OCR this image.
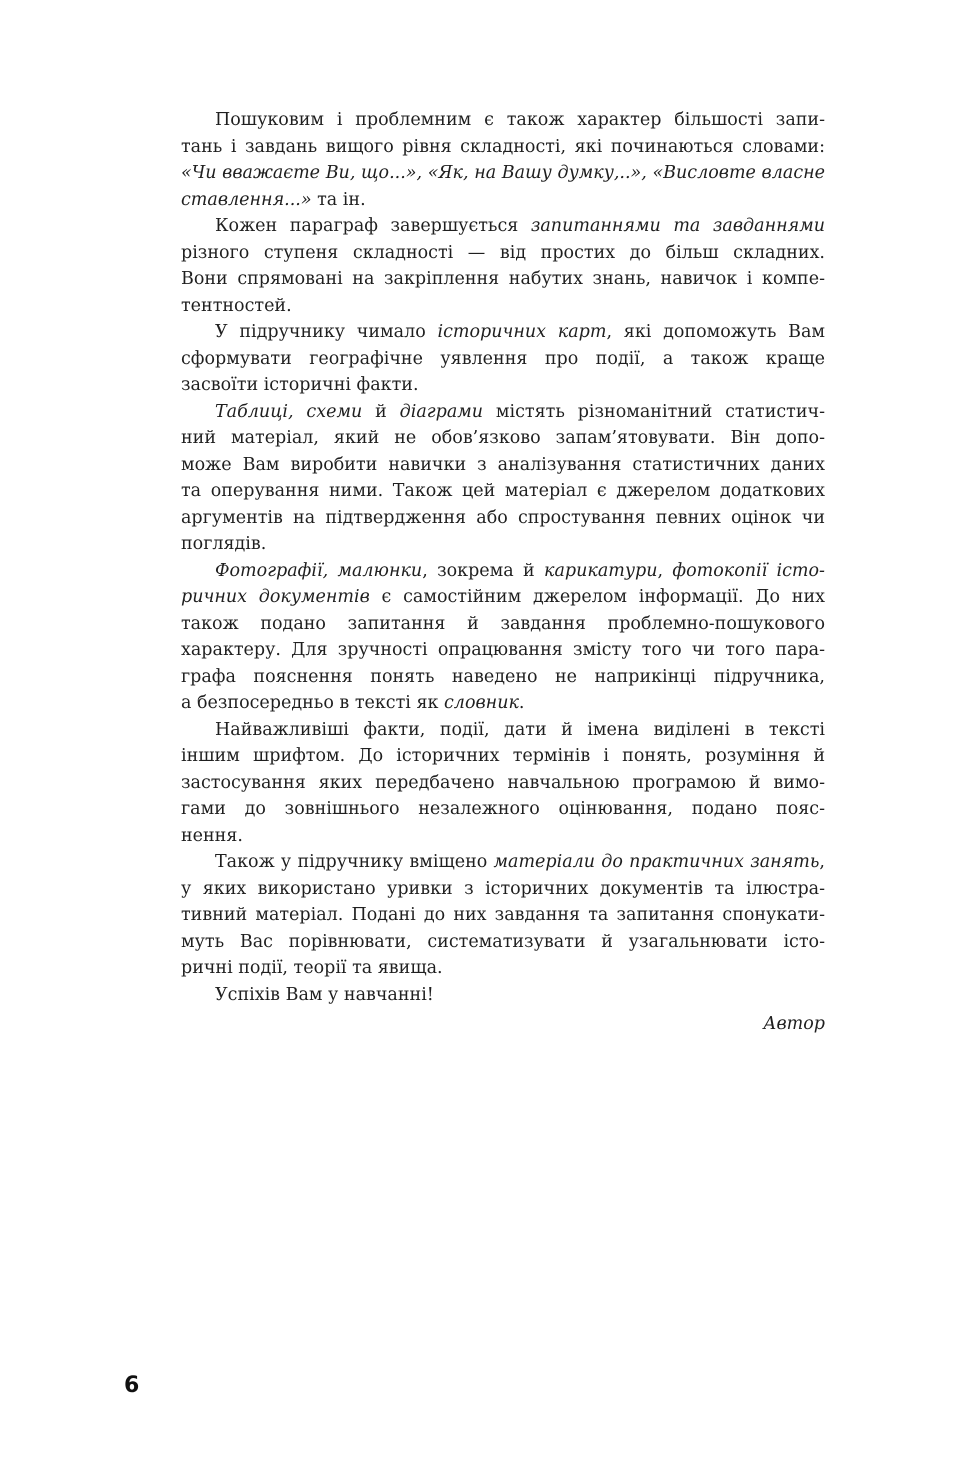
Пошуковим і проблемним є також характер більшості запи-
тань і завдань вищого рівня складності, які починаються словами:
«Чи вважаєте Ви, що...», «Як, на Вашу думку,..», «Висловте власне
ставлення...» та ін.
Кожен параграф завершується запитаннями та завданнями
різного ступеня складності — від простих до більш складних.
Вони спрямовані на закріплення набутих знань, навичок і компе-
тентностей.
У підручнику чимало історичних карт, які допоможуть Вам
сформувати географічне уявлення про події, а також краще
засвоїти історичні факти.
Таблиці, схеми й діаграми містять різноманітний статистич-
ний матеріал, який не обов’язково запам’ятовувати. Він допо-
може Вам виробити навички з аналізування статистичних даних
та оперування ними. Також цей матеріал є джерелом додаткових
аргументів на підтвердження або спростування певних оцінок чи
поглядів.
Фотографії, малюнки, зокрема й карикатури, фотокопії істо-
ричних документів є самостійним джерелом інформації. До них
також подано запитання й завдання проблемно-пошукового
характеру. Для зручності опрацювання змісту того чи того пара-
графа пояснення понять наведено не наприкінці підручника,
а безпосередньо в тексті як словник.
Найважливіші факти, події, дати й імена виділені в тексті
іншим шрифтом. До історичних термінів і понять, розуміння й
застосування яких передбачено навчальною програмою й вимо-
гами до зовнішнього незалежного оцінювання, подано пояс-
нення.
Також у підручнику вміщено матеріали до практичних занять,
у яких використано уривки з історичних документів та ілюстра-
тивний матеріал. Подані до них завдання та запитання спонукати-
муть Вас порівнювати, систематизувати й узагальнювати істо-
ричні події, теорії та явища.
Успіхів Вам у навчанні!
Автор
6
